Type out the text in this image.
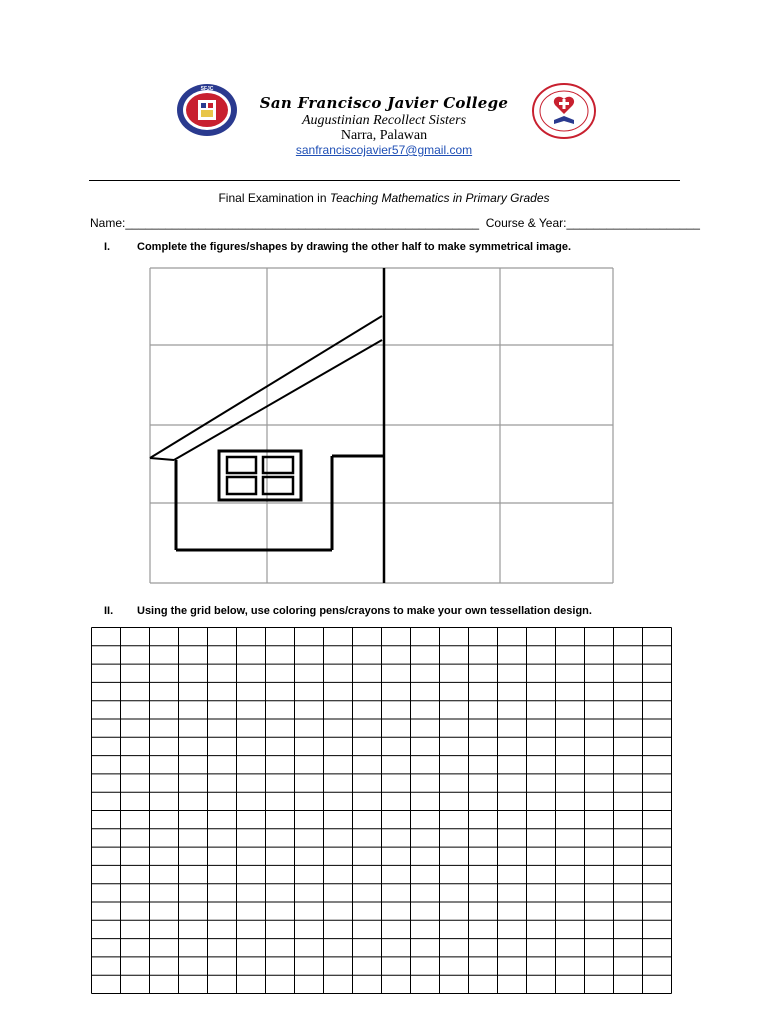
SFJC
San Francisco Javier College
Augustinian Recollect Sisters
Narra, Palawan
sanfranciscojavier57@gmail.com
Final Examination in Teaching Mathematics in Primary Grades
Name:_____________________________________________________ Course & Year:____________________
I. Complete the figures/shapes by drawing the other half to make symmetrical image.
II. Using the grid below, use coloring pens/crayons to make your own tessellation design.
